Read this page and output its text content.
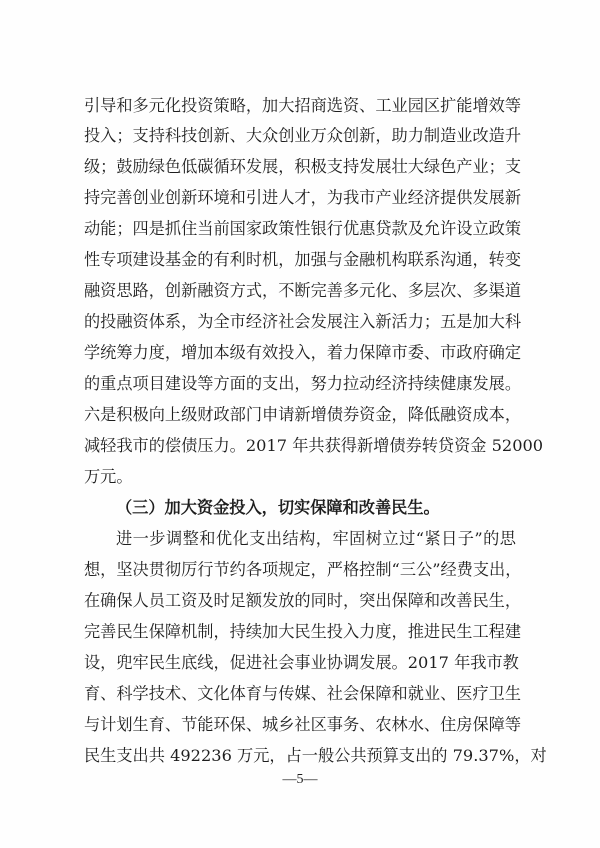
引导和多元化投资策略，加大招商选资、工业园区扩能增效等
投入；支持科技创新、大众创业万众创新，助力制造业改造升
级；鼓励绿色低碳循环发展，积极支持发展壮大绿色产业；支
持完善创业创新环境和引进人才，为我市产业经济提供发展新
动能；四是抓住当前国家政策性银行优惠贷款及允许设立政策
性专项建设基金的有利时机，加强与金融机构联系沟通，转变
融资思路，创新融资方式，不断完善多元化、多层次、多渠道
的投融资体系，为全市经济社会发展注入新活力；五是加大科
学统筹力度，增加本级有效投入，着力保障市委、市政府确定
的重点项目建设等方面的支出，努力拉动经济持续健康发展。
六是积极向上级财政部门申请新增债券资金，降低融资成本，
减轻我市的偿债压力。2017 年共获得新增债券转贷资金 52000
万元。
（三）加大资金投入，切实保障和改善民生。
进一步调整和优化支出结构，牢固树立过“紧日子”的思
想，坚决贯彻厉行节约各项规定，严格控制“三公”经费支出，
在确保人员工资及时足额发放的同时，突出保障和改善民生，
完善民生保障机制，持续加大民生投入力度，推进民生工程建
设，兜牢民生底线，促进社会事业协调发展。2017 年我市教
育、科学技术、文化体育与传媒、社会保障和就业、医疗卫生
与计划生育、节能环保、城乡社区事务、农林水、住房保障等
民生支出共 492236 万元，占一般公共预算支出的 79.37%，对
—5—
